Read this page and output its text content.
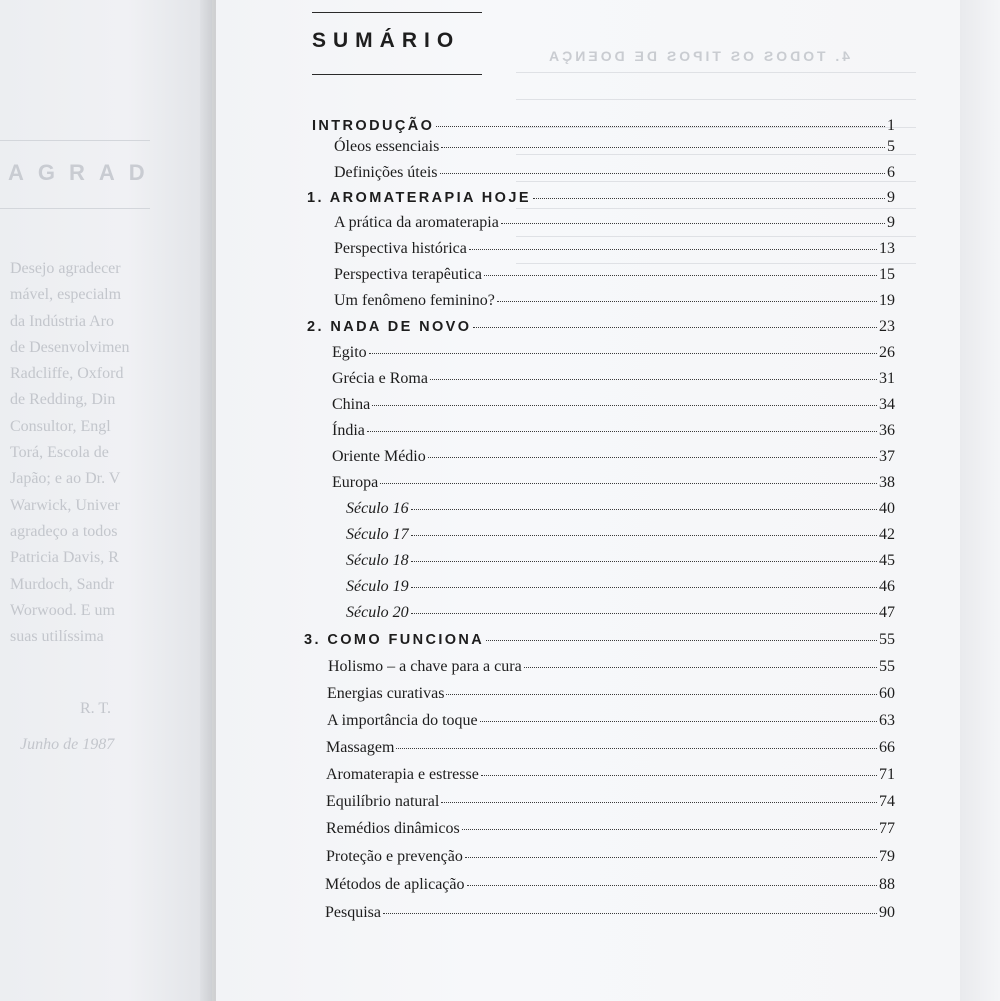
AGRAD
Desejo agradecer
mável, especialm
da Indústria Aro
de Desenvolvimen
Radcliffe, Oxford
de Redding, Din
Consultor, Engl
Torá, Escola de
Japão; e ao Dr. V
Warwick, Univer
agradeço a todos
Patricia Davis, R
Murdoch, Sandr
Worwood. E um
suas utilíssima
R. T.
Junho de 1987
4. TODOS OS TIPOS DE DOENÇA
SUMÁRIO
INTRODUÇÃO	1
Óleos essenciais	5
Definições úteis	6
1. AROMATERAPIA HOJE	9
A prática da aromaterapia	9
Perspectiva histórica	13
Perspectiva terapêutica	15
Um fenômeno feminino?	19
2. NADA DE NOVO	23
Egito	26
Grécia e Roma	31
China	34
Índia	36
Oriente Médio	37
Europa	38
Século 16	40
Século 17	42
Século 18	45
Século 19	46
Século 20	47
3. COMO FUNCIONA	55
Holismo – a chave para a cura	55
Energias curativas	60
A importância do toque	63
Massagem	66
Aromaterapia e estresse	71
Equilíbrio natural	74
Remédios dinâmicos	77
Proteção e prevenção	79
Métodos de aplicação	88
Pesquisa	90
